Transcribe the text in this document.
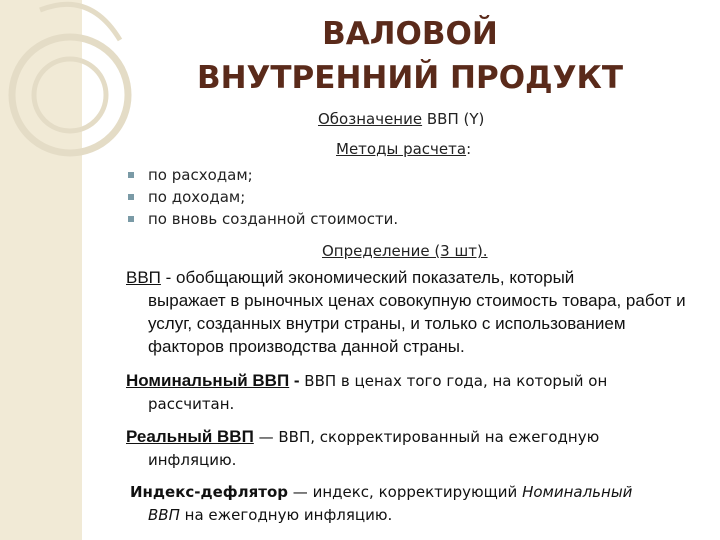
ВАЛОВОЙ
ВНУТРЕННИЙ ПРОДУКТ
Обозначение ВВП (Y)
Методы расчета:
по расходам;
по доходам;
по вновь созданной стоимости.
Определение (3 шт).
ВВП - обобщающий экономический показатель, который
выражает в рыночных ценах совокупную стоимость товара, работ и услуг, созданных внутри страны, и только с использованием факторов производства данной страны.
Номинальный ВВП - ВВП в ценах того года, на который он
рассчитан.
Реальный ВВП — ВВП, скорректированный на ежегодную
инфляцию.
Индекс-дефлятор — индекс, корректирующий Номинальный
ВВП на ежегодную инфляцию.
